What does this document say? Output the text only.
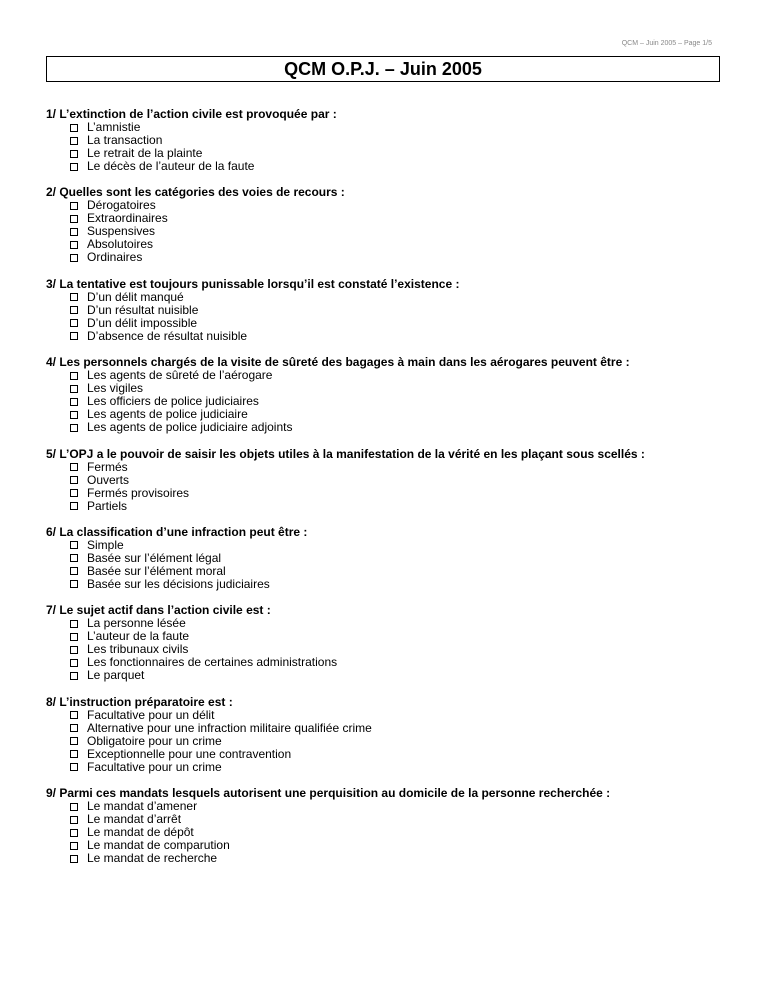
QCM – Juin 2005 – Page 1/5
QCM O.P.J. – Juin 2005
1/ L’extinction de l’action civile est provoquée par :
L’amnistie
La transaction
Le retrait de la plainte
Le décès de l’auteur de la faute
2/ Quelles sont les catégories des voies de recours :
Dérogatoires
Extraordinaires
Suspensives
Absolutoires
Ordinaires
3/ La tentative est toujours punissable lorsqu’il est constaté l’existence :
D’un délit manqué
D’un résultat nuisible
D’un délit impossible
D’absence de résultat nuisible
4/ Les personnels chargés de la visite de sûreté des bagages à main dans les aérogares peuvent être :
Les agents de sûreté de l’aérogare
Les vigiles
Les officiers de police judiciaires
Les agents de police judiciaire
Les agents de police judiciaire adjoints
5/ L’OPJ a le pouvoir de saisir les objets utiles à la manifestation de la vérité en les plaçant sous scellés :
Fermés
Ouverts
Fermés provisoires
Partiels
6/ La classification d’une infraction peut être :
Simple
Basée sur l’élément légal
Basée sur l’élément moral
Basée sur les décisions judiciaires
7/ Le sujet actif dans l’action civile est :
La personne lésée
L’auteur de la faute
Les tribunaux civils
Les fonctionnaires de certaines administrations
Le parquet
8/ L’instruction préparatoire est :
Facultative pour un délit
Alternative pour une infraction militaire qualifiée crime
Obligatoire pour un crime
Exceptionnelle pour une contravention
Facultative pour un crime
9/ Parmi ces mandats lesquels autorisent une perquisition au domicile de la personne recherchée :
Le mandat d’amener
Le mandat d’arrêt
Le mandat de dépôt
Le mandat de comparution
Le mandat de recherche
